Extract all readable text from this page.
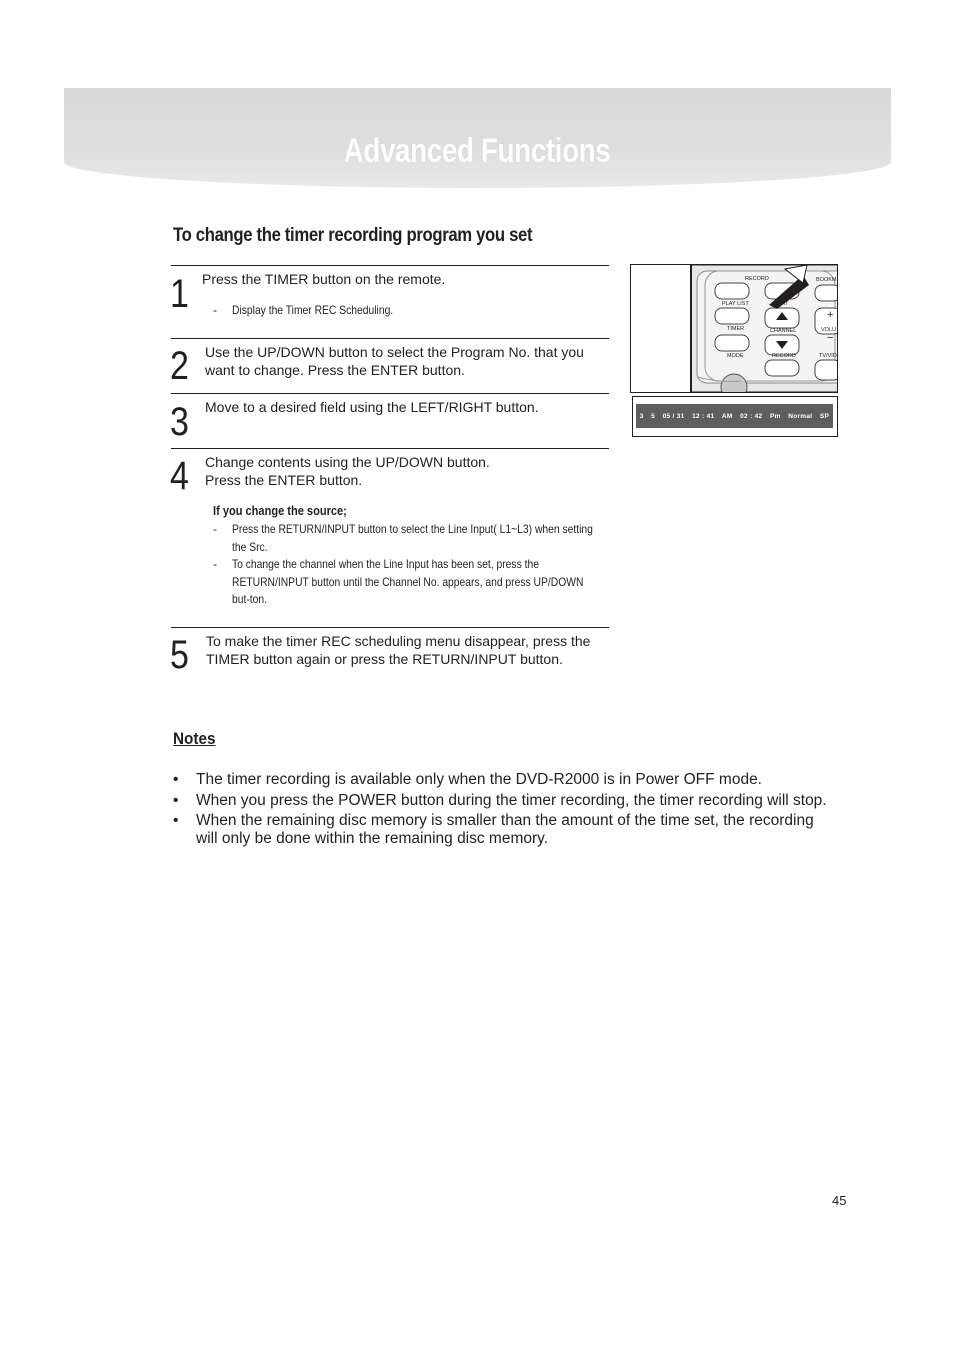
Advanced Functions
To change the timer recording program you set
1 Press the TIMER button on the remote.
- Display the Timer REC Scheduling.
2 Use the UP/DOWN button to select the Program No. that you
want to change. Press the ENTER button.
3 Move to a desired field using the LEFT/RIGHT button.
4 Change contents using the UP/DOWN button.
Press the ENTER button.
If you change the source;
- Press the RETURN/INPUT button to select the Line Input( L1~L3) when setting the Src.
- To change the channel when the Line Input has been set, press the RETURN/INPUT button until the Channel No. appears, and press UP/DOWN but-ton.
5 To make the timer REC scheduling menu disappear, press the
TIMER button again or press the RETURN/INPUT button.
RECORD	BOOKM
PLAY LIST	EDIT
TIMER	CHANNEL	VOLU
MODE	RECORD	TV/VID
+
−
3 5 05 / 31 12 : 41 AM 02 : 42 Pm Normal SP
Notes
• The timer recording is available only when the DVD-R2000 is in Power OFF mode.
• When you press the POWER button during the timer recording, the timer recording will stop.
• When the remaining disc memory is smaller than the amount of the time set, the recording will only be done within the remaining disc memory.
45
